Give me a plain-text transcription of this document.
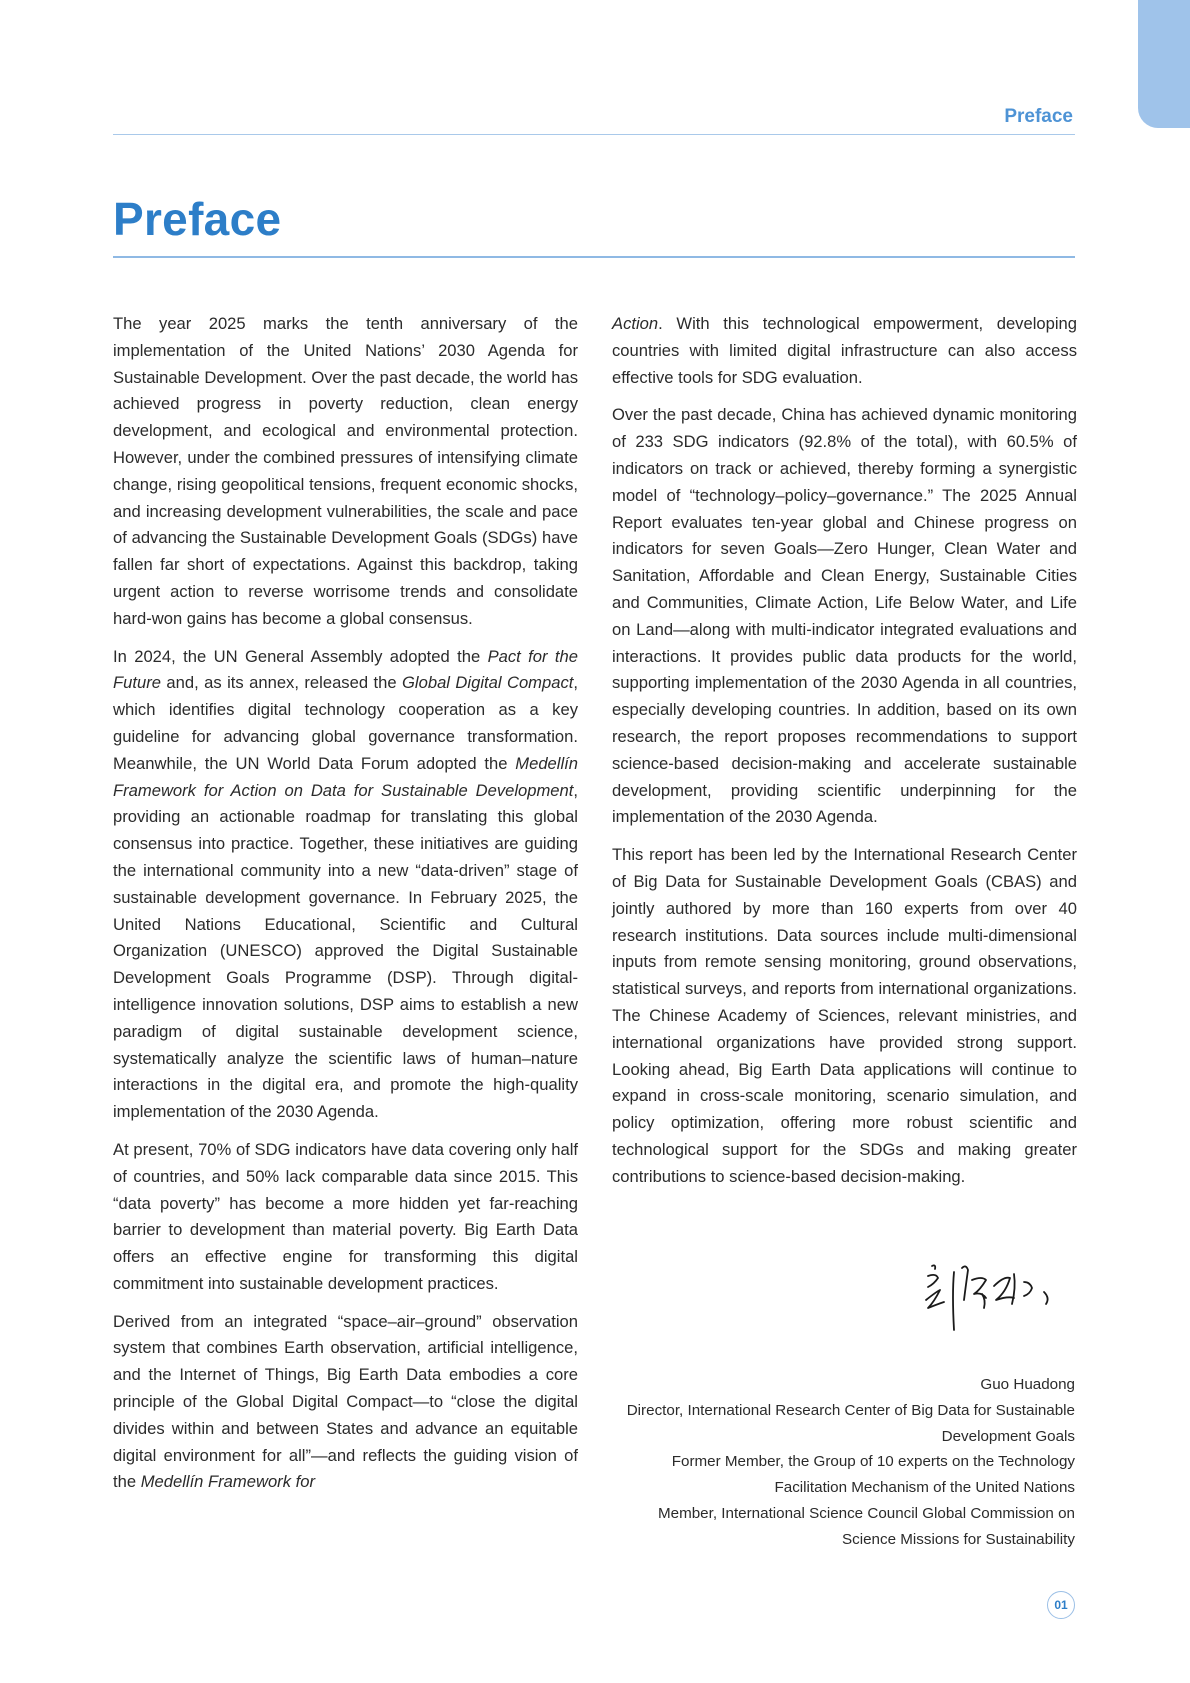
Preface
Preface

The year 2025 marks the tenth anniversary of the implementation of the United Nations’ 2030 Agenda for Sustainable Development. Over the past decade, the world has achieved progress in poverty reduction, clean energy development, and ecological and environmental protection. However, under the combined pressures of intensifying climate change, rising geopolitical tensions, frequent economic shocks, and increasing development vulnerabilities, the scale and pace of advancing the Sustainable Development Goals (SDGs) have fallen far short of expectations. Against this backdrop, taking urgent action to reverse worrisome trends and consolidate hard-won gains has become a global consensus.

In 2024, the UN General Assembly adopted the Pact for the Future and, as its annex, released the Global Digital Compact, which identifies digital technology cooperation as a key guideline for advancing global governance transformation. Meanwhile, the UN World Data Forum adopted the Medellín Framework for Action on Data for Sustainable Development, providing an actionable roadmap for translating this global consensus into practice. Together, these initiatives are guiding the international community into a new “data-driven” stage of sustainable development governance. In February 2025, the United Nations Educational, Scientific and Cultural Organization (UNESCO) approved the Digital Sustainable Development Goals Programme (DSP). Through digital-intelligence innovation solutions, DSP aims to establish a new paradigm of digital sustainable development science, systematically analyze the scientific laws of human–nature interactions in the digital era, and promote the high-quality implementation of the 2030 Agenda.

At present, 70% of SDG indicators have data covering only half of countries, and 50% lack comparable data since 2015. This “data poverty” has become a more hidden yet far-reaching barrier to development than material poverty. Big Earth Data offers an effective engine for transforming this digital commitment into sustainable development practices.

Derived from an integrated “space–air–ground” observation system that combines Earth observation, artificial intelligence, and the Internet of Things, Big Earth Data embodies a core principle of the Global Digital Compact—to “close the digital divides within and between States and advance an equitable digital environment for all”—and reflects the guiding vision of the Medellín Framework for

Action. With this technological empowerment, developing countries with limited digital infrastructure can also access effective tools for SDG evaluation.

Over the past decade, China has achieved dynamic monitoring of 233 SDG indicators (92.8% of the total), with 60.5% of indicators on track or achieved, thereby forming a synergistic model of “technology–policy–governance.” The 2025 Annual Report evaluates ten-year global and Chinese progress on indicators for seven Goals—Zero Hunger, Clean Water and Sanitation, Affordable and Clean Energy, Sustainable Cities and Communities, Climate Action, Life Below Water, and Life on Land—along with multi-indicator integrated evaluations and interactions. It provides public data products for the world, supporting implementation of the 2030 Agenda in all countries, especially developing countries. In addition, based on its own research, the report proposes recommendations to support science-based decision-making and accelerate sustainable development, providing scientific underpinning for the implementation of the 2030 Agenda.

This report has been led by the International Research Center of Big Data for Sustainable Development Goals (CBAS) and jointly authored by more than 160 experts from over 40 research institutions. Data sources include multi-dimensional inputs from remote sensing monitoring, ground observations, statistical surveys, and reports from international organizations. The Chinese Academy of Sciences, relevant ministries, and international organizations have provided strong support. Looking ahead, Big Earth Data applications will continue to expand in cross-scale monitoring, scenario simulation, and policy optimization, offering more robust scientific and technological support for the SDGs and making greater contributions to science-based decision-making.

Guo Huadong
Director, International Research Center of Big Data for Sustainable
Development Goals
Former Member, the Group of 10 experts on the Technology
Facilitation Mechanism of the United Nations
Member, International Science Council Global Commission on
Science Missions for Sustainability
01
